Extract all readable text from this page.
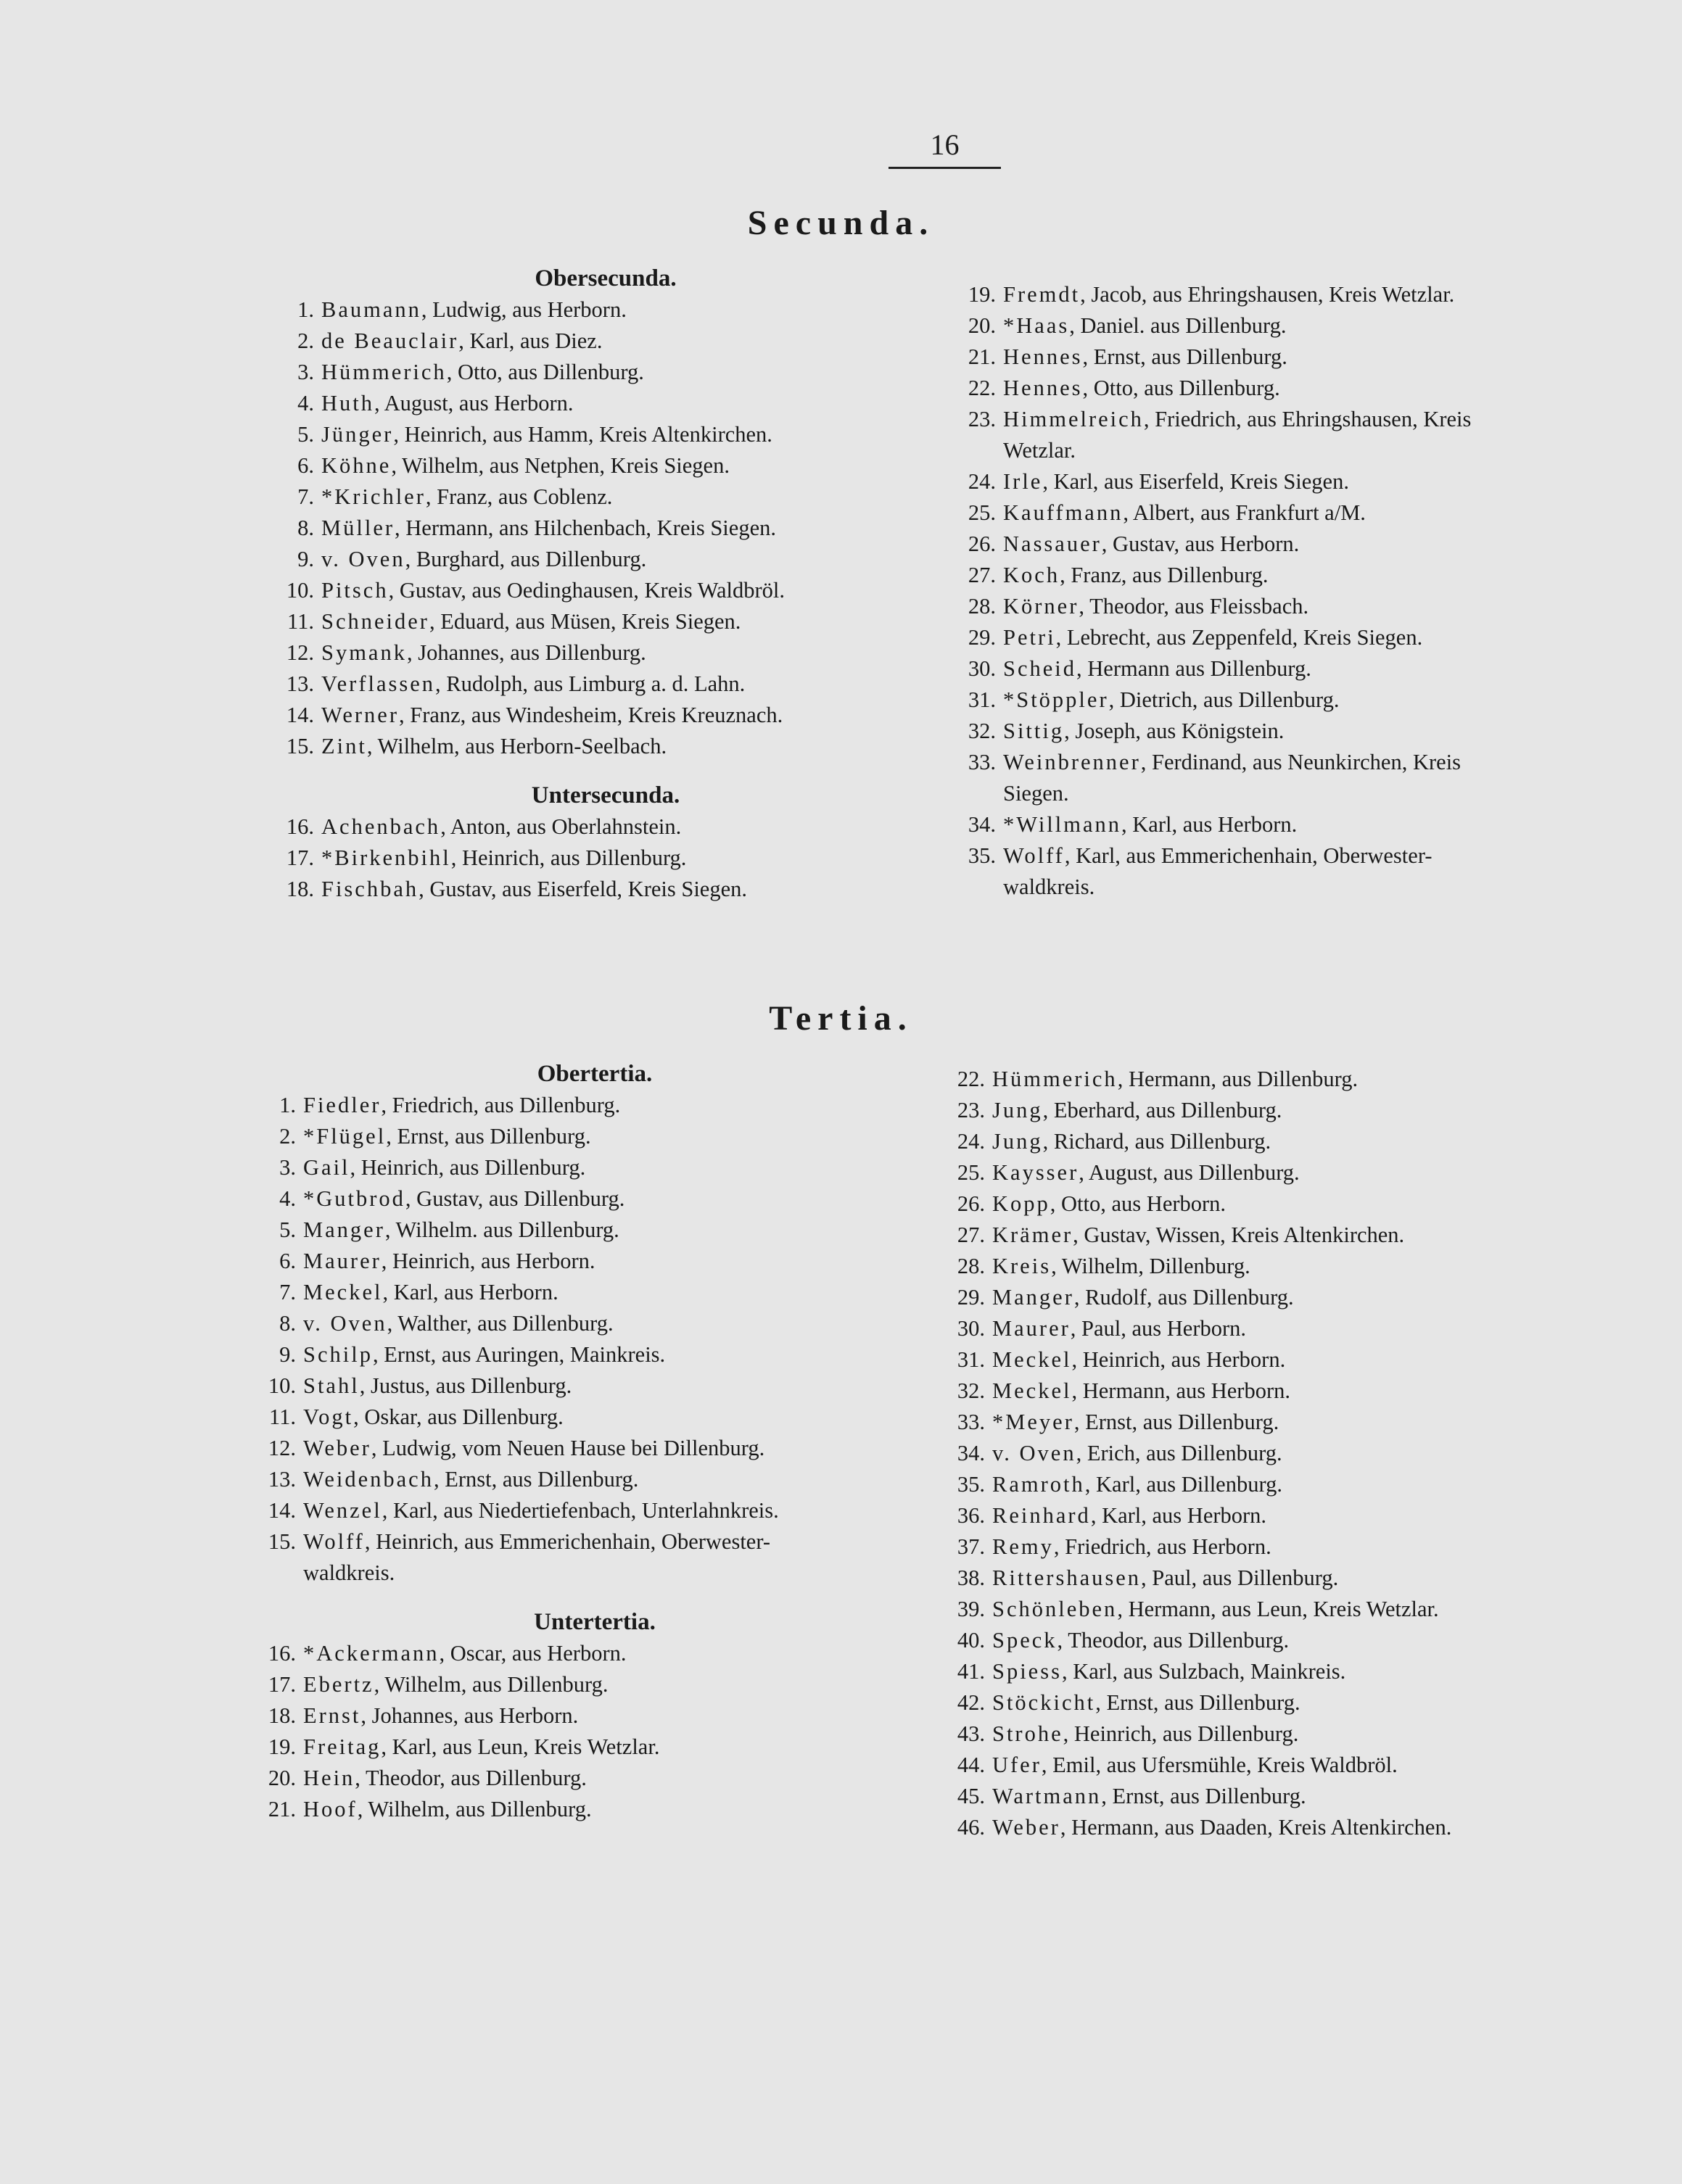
16
Secunda.
Obersecunda.
1. Baumann, Ludwig, aus Herborn.
2. de Beauclair, Karl, aus Diez.
3. Hümmerich, Otto, aus Dillenburg.
4. Huth, August, aus Herborn.
5. Jünger, Heinrich, aus Hamm, Kreis Altenkirchen.
6. Köhne, Wilhelm, aus Netphen, Kreis Siegen.
7. *Krichler, Franz, aus Coblenz.
8. Müller, Hermann, ans Hilchenbach, Kreis Siegen.
9. v. Oven, Burghard, aus Dillenburg.
10. Pitsch, Gustav, aus Oedinghausen, Kreis Waldbröl.
11. Schneider, Eduard, aus Müsen, Kreis Siegen.
12. Symank, Johannes, aus Dillenburg.
13. Verflassen, Rudolph, aus Limburg a. d. Lahn.
14. Werner, Franz, aus Windesheim, Kreis Kreuznach.
15. Zint, Wilhelm, aus Herborn-Seelbach.
Untersecunda.
16. Achenbach, Anton, aus Oberlahnstein.
17. *Birkenbihl, Heinrich, aus Dillenburg.
18. Fischbah, Gustav, aus Eiserfeld, Kreis Siegen.
19. Fremdt, Jacob, aus Ehringshausen, Kreis Wetzlar.
20. *Haas, Daniel. aus Dillenburg.
21. Hennes, Ernst, aus Dillenburg.
22. Hennes, Otto, aus Dillenburg.
23. Himmelreich, Friedrich, aus Ehringshausen, Kreis
Wetzlar.
24. Irle, Karl, aus Eiserfeld, Kreis Siegen.
25. Kauffmann, Albert, aus Frankfurt a/M.
26. Nassauer, Gustav, aus Herborn.
27. Koch, Franz, aus Dillenburg.
28. Körner, Theodor, aus Fleissbach.
29. Petri, Lebrecht, aus Zeppenfeld, Kreis Siegen.
30. Scheid, Hermann aus Dillenburg.
31. *Stöppler, Dietrich, aus Dillenburg.
32. Sittig, Joseph, aus Königstein.
33. Weinbrenner, Ferdinand, aus Neunkirchen, Kreis
Siegen.
34. *Willmann, Karl, aus Herborn.
35. Wolff, Karl, aus Emmerichenhain, Oberwester-
waldkreis.
Tertia.
Obertertia.
1. Fiedler, Friedrich, aus Dillenburg.
2. *Flügel, Ernst, aus Dillenburg.
3. Gail, Heinrich, aus Dillenburg.
4. *Gutbrod, Gustav, aus Dillenburg.
5. Manger, Wilhelm. aus Dillenburg.
6. Maurer, Heinrich, aus Herborn.
7. Meckel, Karl, aus Herborn.
8. v. Oven, Walther, aus Dillenburg.
9. Schilp, Ernst, aus Auringen, Mainkreis.
10. Stahl, Justus, aus Dillenburg.
11. Vogt, Oskar, aus Dillenburg.
12. Weber, Ludwig, vom Neuen Hause bei Dillenburg.
13. Weidenbach, Ernst, aus Dillenburg.
14. Wenzel, Karl, aus Niedertiefenbach, Unterlahnkreis.
15. Wolff, Heinrich, aus Emmerichenhain, Oberwester-
waldkreis.
Untertertia.
16. *Ackermann, Oscar, aus Herborn.
17. Ebertz, Wilhelm, aus Dillenburg.
18. Ernst, Johannes, aus Herborn.
19. Freitag, Karl, aus Leun, Kreis Wetzlar.
20. Hein, Theodor, aus Dillenburg.
21. Hoof, Wilhelm, aus Dillenburg.
22. Hümmerich, Hermann, aus Dillenburg.
23. Jung, Eberhard, aus Dillenburg.
24. Jung, Richard, aus Dillenburg.
25. Kaysser, August, aus Dillenburg.
26. Kopp, Otto, aus Herborn.
27. Krämer, Gustav, Wissen, Kreis Altenkirchen.
28. Kreis, Wilhelm, Dillenburg.
29. Manger, Rudolf, aus Dillenburg.
30. Maurer, Paul, aus Herborn.
31. Meckel, Heinrich, aus Herborn.
32. Meckel, Hermann, aus Herborn.
33. *Meyer, Ernst, aus Dillenburg.
34. v. Oven, Erich, aus Dillenburg.
35. Ramroth, Karl, aus Dillenburg.
36. Reinhard, Karl, aus Herborn.
37. Remy, Friedrich, aus Herborn.
38. Rittershausen, Paul, aus Dillenburg.
39. Schönleben, Hermann, aus Leun, Kreis Wetzlar.
40. Speck, Theodor, aus Dillenburg.
41. Spiess, Karl, aus Sulzbach, Mainkreis.
42. Stöckicht, Ernst, aus Dillenburg.
43. Strohe, Heinrich, aus Dillenburg.
44. Ufer, Emil, aus Ufersmühle, Kreis Waldbröl.
45. Wartmann, Ernst, aus Dillenburg.
46. Weber, Hermann, aus Daaden, Kreis Altenkirchen.
